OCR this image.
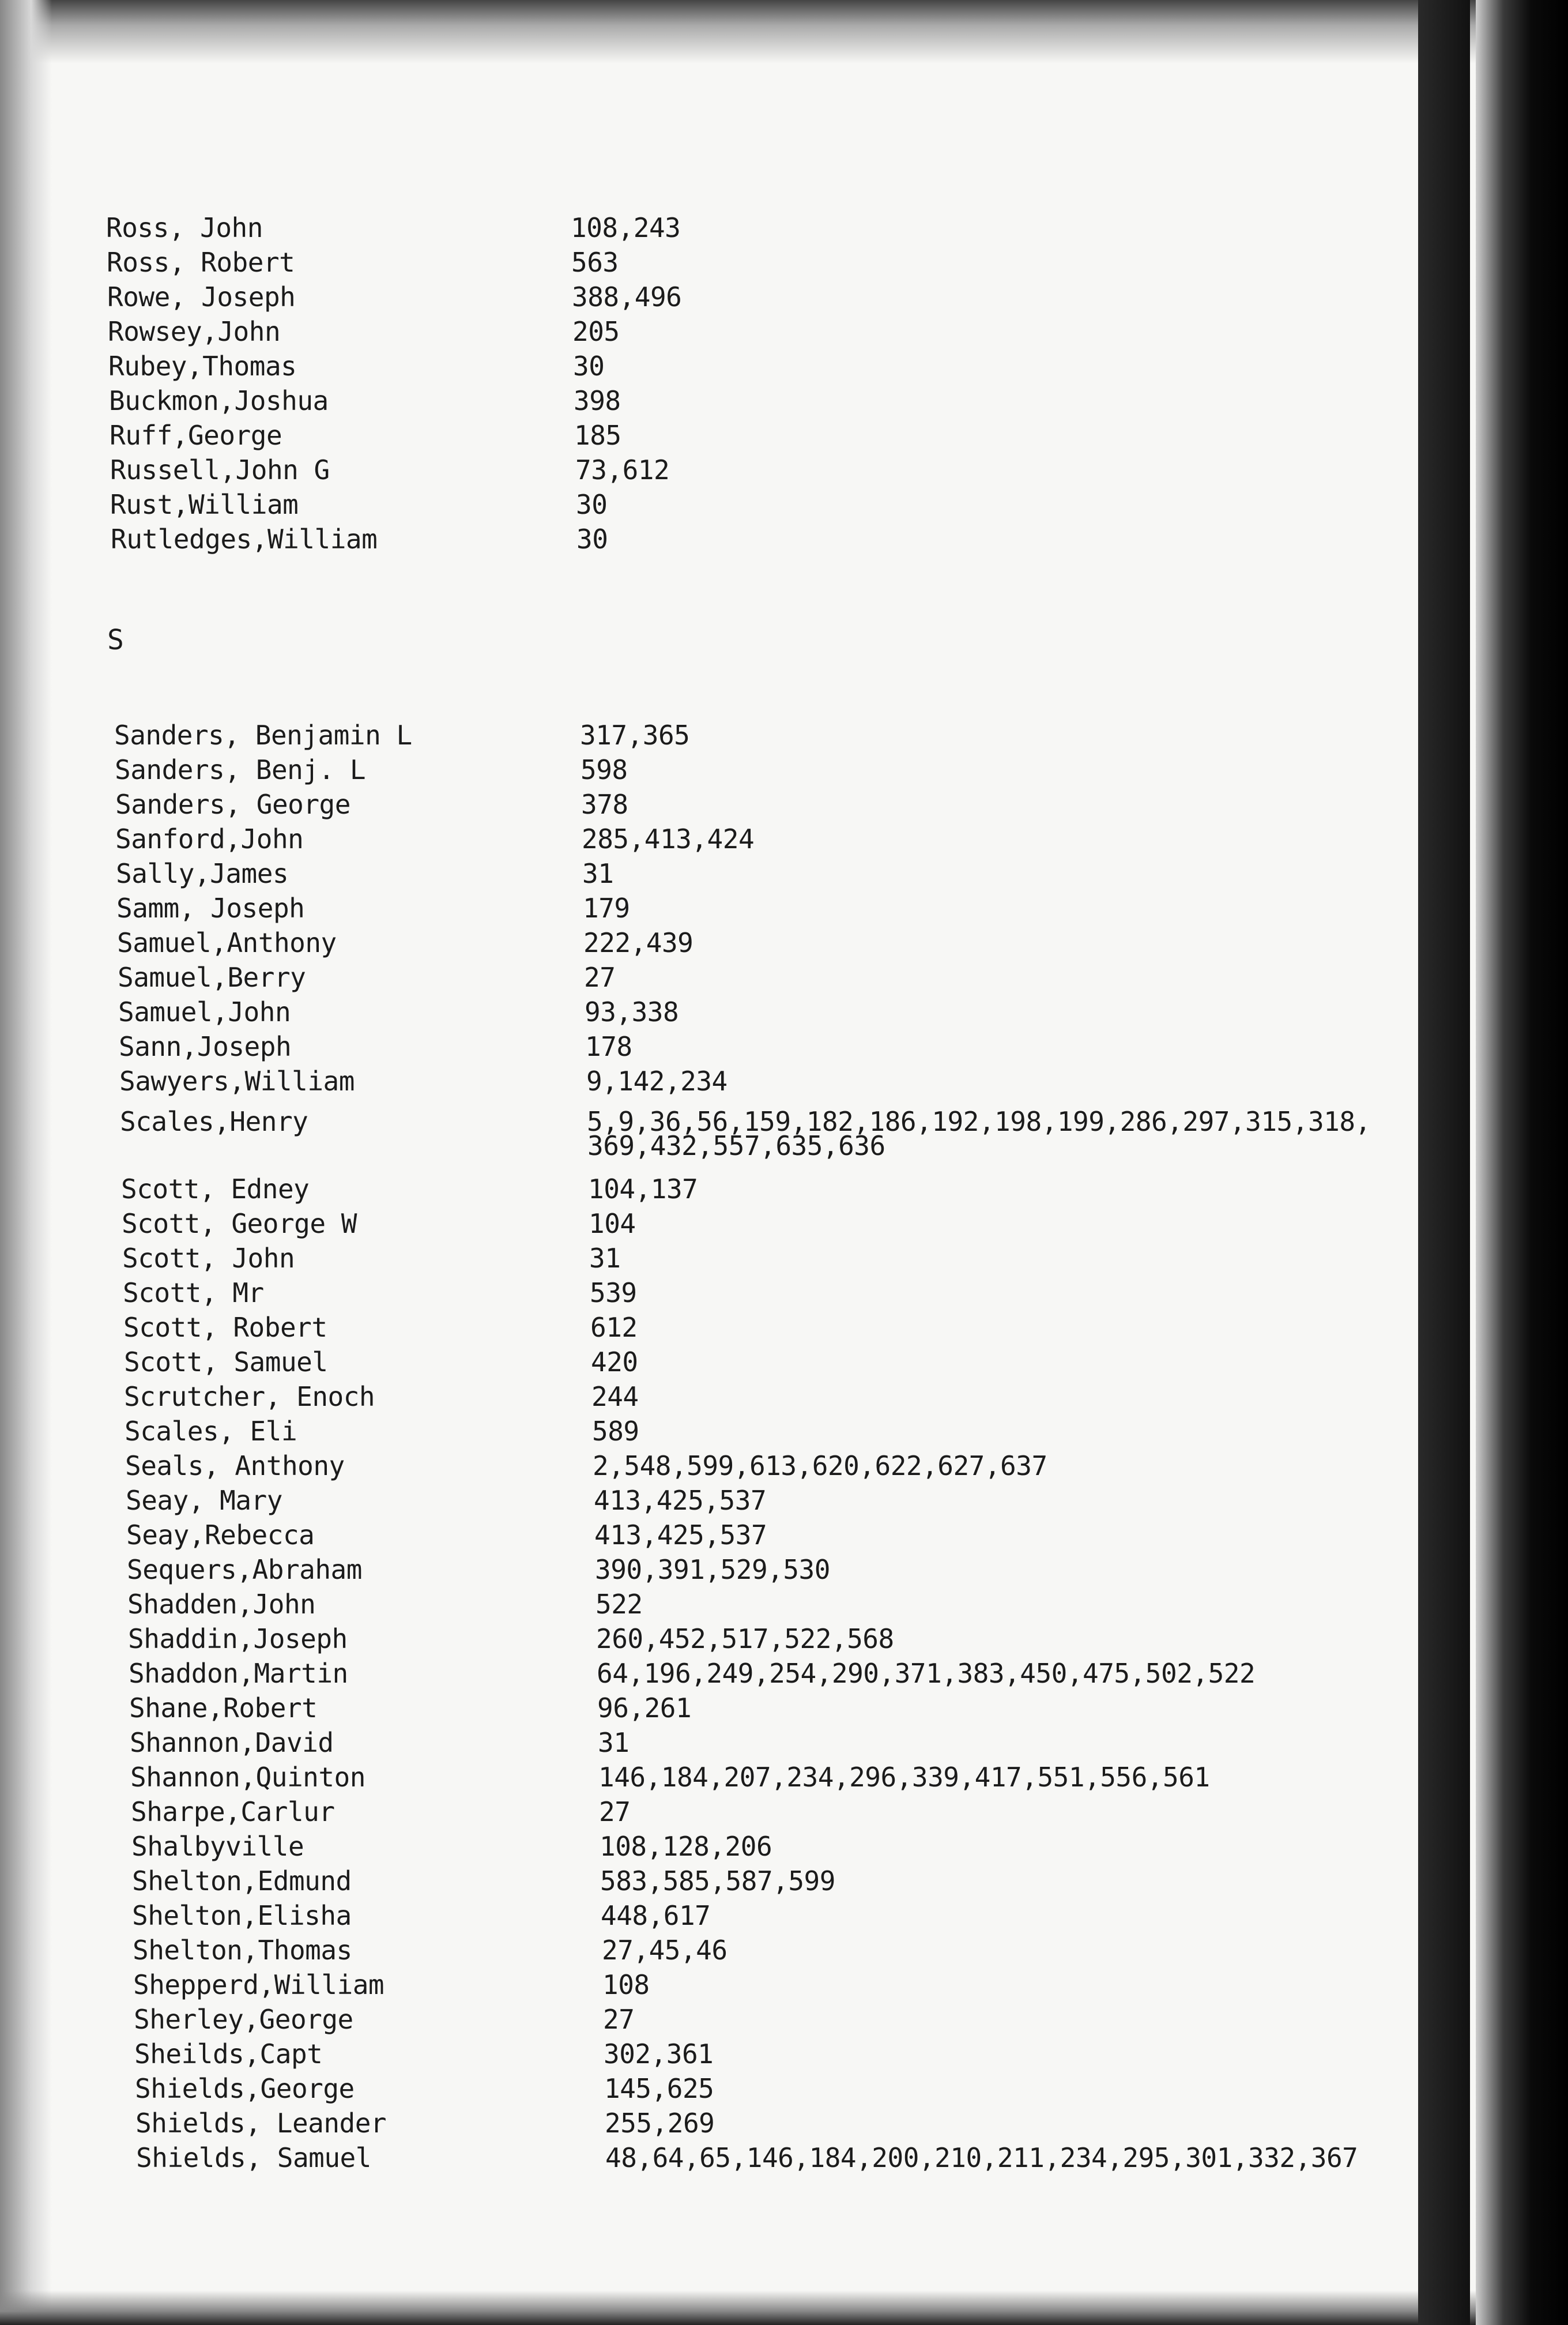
S
Ross, John	108,243
Ross, Robert	563
Rowe, Joseph	388,496
Rowsey,John	205
Rubey,Thomas	30
Buckmon,Joshua	398
Ruff,George	185
Russell,John G	73,612
Rust,William	30
Rutledges,William	30
Sanders, Benjamin L	317,365
Sanders, Benj. L	598
Sanders, George	378
Sanford,John	285,413,424
Sally,James	31
Samm, Joseph	179
Samuel,Anthony	222,439
Samuel,Berry	27
Samuel,John	93,338
Sann,Joseph	178
Sawyers,William	9,142,234
Scales,Henry	5,9,36,56,159,182,186,192,198,199,286,297,315,318,
369,432,557,635,636
Scott, Edney	104,137
Scott, George W	104
Scott, John	31
Scott, Mr	539
Scott, Robert	612
Scott, Samuel	420
Scrutcher, Enoch	244
Scales, Eli	589
Seals, Anthony	2,548,599,613,620,622,627,637
Seay, Mary	413,425,537
Seay,Rebecca	413,425,537
Sequers,Abraham	390,391,529,530
Shadden,John	522
Shaddin,Joseph	260,452,517,522,568
Shaddon,Martin	64,196,249,254,290,371,383,450,475,502,522
Shane,Robert	96,261
Shannon,David	31
Shannon,Quinton	146,184,207,234,296,339,417,551,556,561
Sharpe,Carlur	27
Shalbyville	108,128,206
Shelton,Edmund	583,585,587,599
Shelton,Elisha	448,617
Shelton,Thomas	27,45,46
Shepperd,William	108
Sherley,George	27
Sheilds,Capt	302,361
Shields,George	145,625
Shields, Leander	255,269
Shields, Samuel	48,64,65,146,184,200,210,211,234,295,301,332,367
